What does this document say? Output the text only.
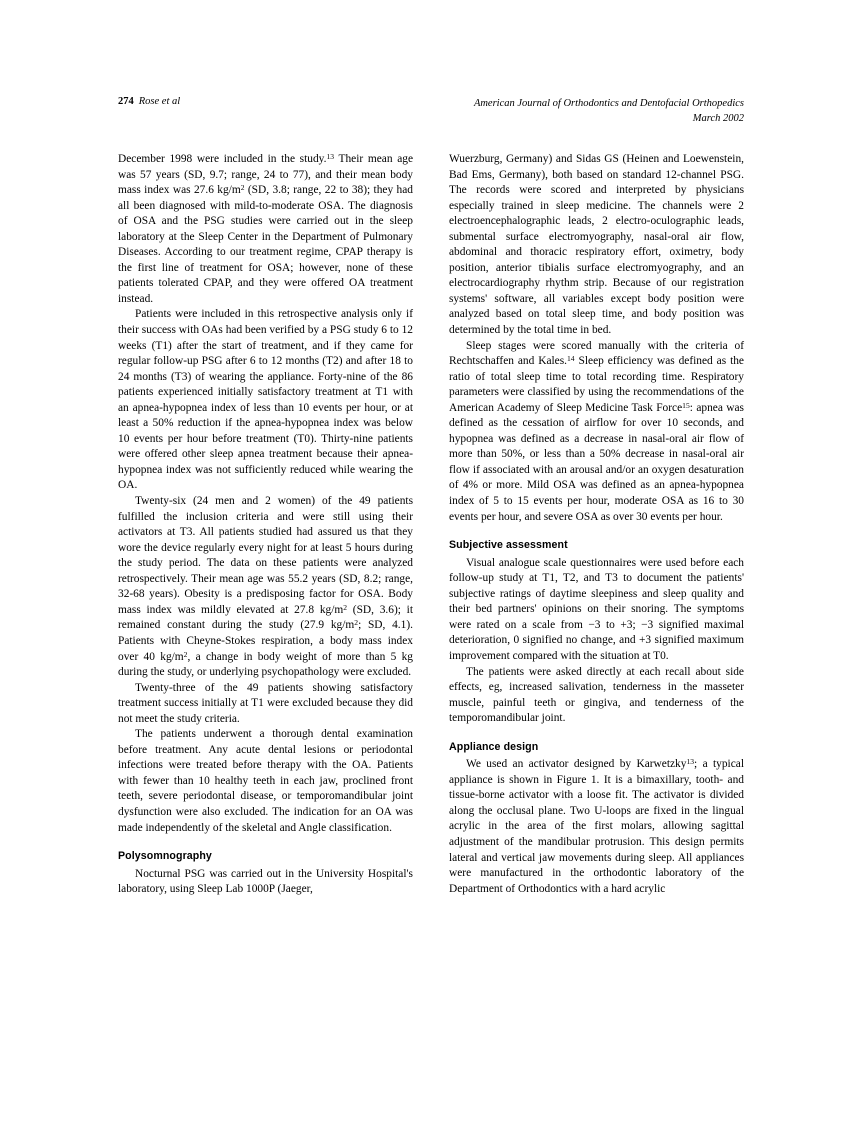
274 Rose et al	American Journal of Orthodontics and Dentofacial Orthopedics
March 2002

December 1998 were included in the study.$^{13}$ Their mean age was 57 years (SD, 9.7; range, 24 to 77), and their mean body mass index was 27.6 $kg/m^2$ (SD, 3.8; range, 22 to 38); they had all been diagnosed with mild-to-moderate OSA. The diagnosis of OSA and the PSG studies were carried out in the sleep laboratory at the Sleep Center in the Department of Pulmonary Diseases. According to our treatment regime, CPAP therapy is the first line of treatment for OSA; however, none of these patients tolerated CPAP, and they were offered OA treatment instead.

Patients were included in this retrospective analysis only if their success with OAs had been verified by a PSG study 6 to 12 weeks (T1) after the start of treatment, and if they came for regular follow-up PSG after 6 to 12 months (T2) and after 18 to 24 months (T3) of wearing the appliance. Forty-nine of the 86 patients experienced initially satisfactory treatment at T1 with an apnea-hypopnea index of less than 10 events per hour, or at least a 50% reduction if the apnea-hypopnea index was below 10 events per hour before treatment (T0). Thirty-nine patients were offered other sleep apnea treatment because their apnea-hypopnea index was not sufficiently reduced while wearing the OA.

Twenty-six (24 men and 2 women) of the 49 patients fulfilled the inclusion criteria and were still using their activators at T3. All patients studied had assured us that they wore the device regularly every night for at least 5 hours during the study period. The data on these patients were analyzed retrospectively. Their mean age was 55.2 years (SD, 8.2; range, 32-68 years). Obesity is a predisposing factor for OSA. Body mass index was mildly elevated at 27.8 $kg/m^2$ (SD, 3.6); it remained constant during the study (27.9 $kg/m^2$; SD, 4.1). Patients with Cheyne-Stokes respiration, a body mass index over 40 $kg/m^2$, a change in body weight of more than 5 kg during the study, or underlying psychopathology were excluded.

Twenty-three of the 49 patients showing satisfactory treatment success initially at T1 were excluded because they did not meet the study criteria.

The patients underwent a thorough dental examination before treatment. Any acute dental lesions or periodontal infections were treated before therapy with the OA. Patients with fewer than 10 healthy teeth in each jaw, proclined front teeth, severe periodontal disease, or temporomandibular joint dysfunction were also excluded. The indication for an OA was made independently of the skeletal and Angle classification.

Polysomnography

Nocturnal PSG was carried out in the University Hospital's laboratory, using Sleep Lab 1000P (Jaeger,

Wuerzburg, Germany) and Sidas GS (Heinen and Loewenstein, Bad Ems, Germany), both based on standard 12-channel PSG. The records were scored and interpreted by physicians especially trained in sleep medicine. The channels were 2 electroencephalographic leads, 2 electro-oculographic leads, submental surface electromyography, nasal-oral air flow, abdominal and thoracic respiratory effort, oximetry, body position, anterior tibialis surface electromyography, and an electrocardiography rhythm strip. Because of our registration systems' software, all variables except body position were analyzed based on total sleep time, and body position was determined by the total time in bed.

Sleep stages were scored manually with the criteria of Rechtschaffen and Kales.$^{14}$ Sleep efficiency was defined as the ratio of total sleep time to total recording time. Respiratory parameters were classified by using the recommendations of the American Academy of Sleep Medicine Task Force$^{15}$: apnea was defined as the cessation of airflow for over 10 seconds, and hypopnea was defined as a decrease in nasal-oral air flow of more than 50%, or less than a 50% decrease in nasal-oral air flow if associated with an arousal and/or an oxygen desaturation of 4% or more. Mild OSA was defined as an apnea-hypopnea index of 5 to 15 events per hour, moderate OSA as 16 to 30 events per hour, and severe OSA as over 30 events per hour.

Subjective assessment

Visual analogue scale questionnaires were used before each follow-up study at T1, T2, and T3 to document the patients' subjective ratings of daytime sleepiness and sleep quality and their bed partners' opinions on their snoring. The symptoms were rated on a scale from −3 to +3; −3 signified maximal deterioration, 0 signified no change, and +3 signified maximum improvement compared with the situation at T0.

The patients were asked directly at each recall about side effects, eg, increased salivation, tenderness in the masseter muscle, painful teeth or gingiva, and tenderness of the temporomandibular joint.

Appliance design

We used an activator designed by Karwetzky$^{13}$; a typical appliance is shown in Figure 1. It is a bimaxillary, tooth- and tissue-borne activator with a loose fit. The activator is divided along the occlusal plane. Two U-loops are fixed in the lingual acrylic in the area of the first molars, allowing sagittal adjustment of the mandibular protrusion. This design permits lateral and vertical jaw movements during sleep. All appliances were manufactured in the orthodontic laboratory of the Department of Orthodontics with a hard acrylic
